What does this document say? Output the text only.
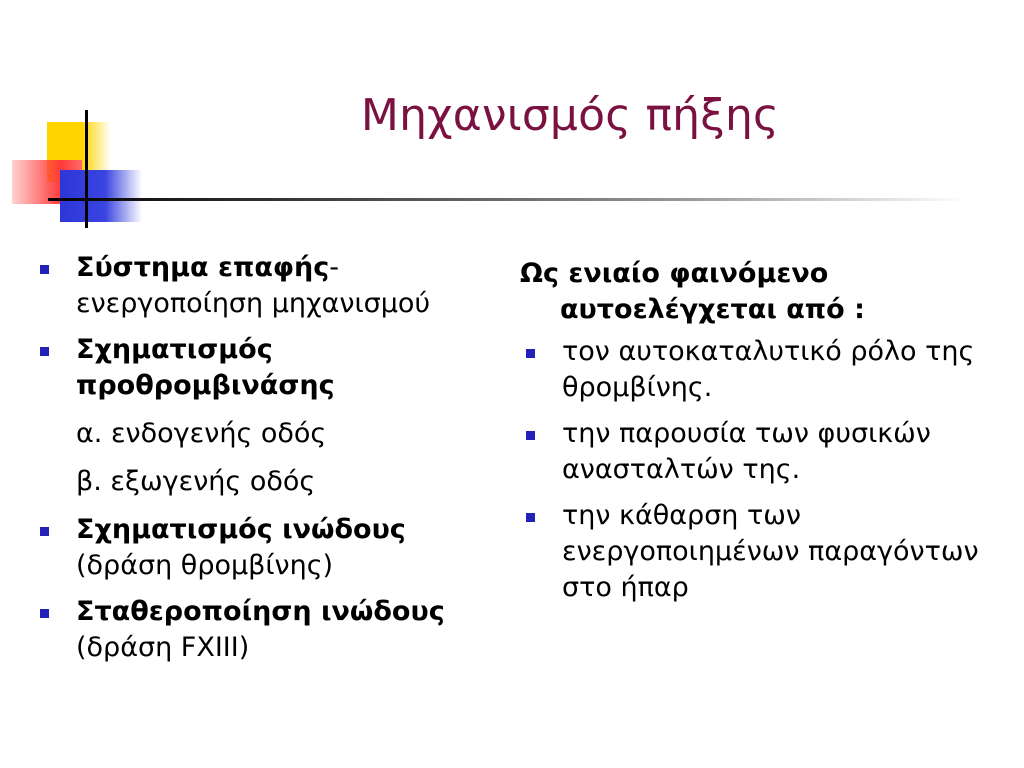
Μηχανισμός πήξης
Σύστημα επαφής- ενεργοποίηση μηχανισμού
Σχηματισμός προθρομβινάσης
α. ενδογενής οδός
β. εξωγενής οδός
Σχηματισμός ινώδους
(δράση θρομβίνης)
Σταθεροποίηση ινώδους
(δράση FXIII)
Ως ενιαίο φαινόμενο
αυτοελέγχεται από :
τον αυτοκαταλυτικό ρόλο της θρομβίνης.
την παρουσία των φυσικών ανασταλτών της.
την κάθαρση των ενεργοποιημένων παραγόντων στο ήπαρ
